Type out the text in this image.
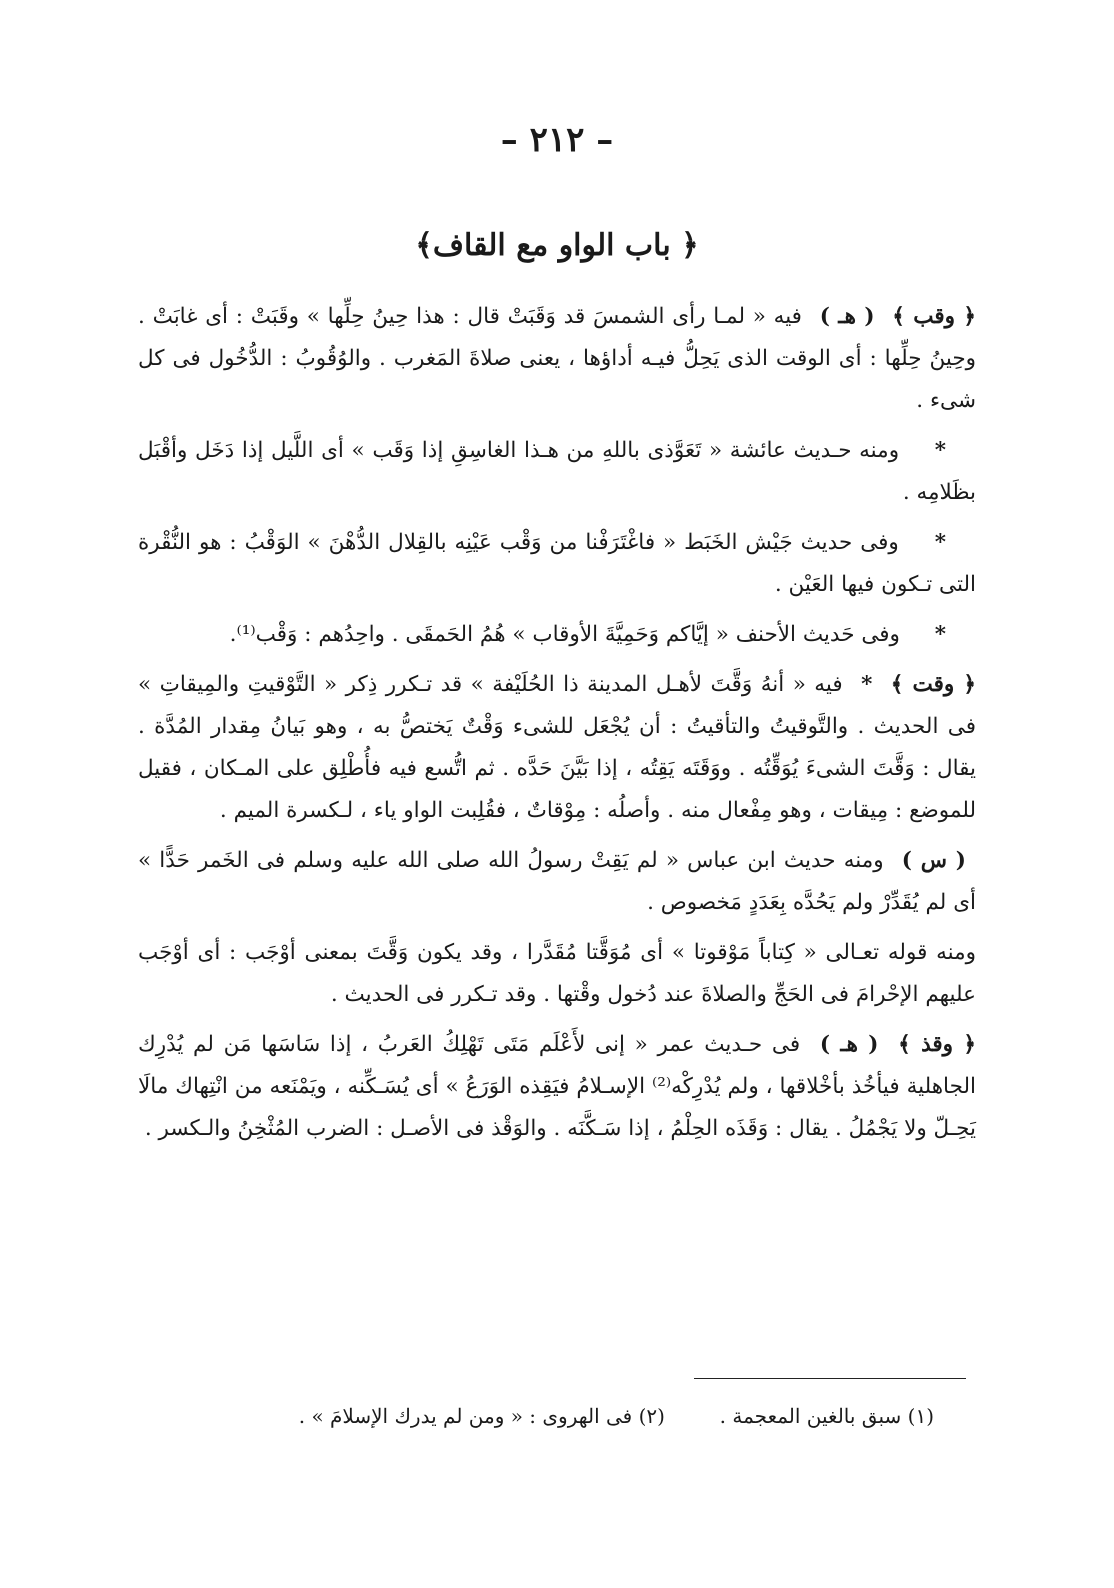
– ٢١٢ –
﴿ باب الواو مع القاف﴾

﴿ وقب ﴾ ( هـ ) فيه « لمـا رأى الشمسَ قد وَقَبَتْ قال : هذا حِينُ حِلِّها » وقَبَتْ : أى غابَتْ . وحِينُ حِلِّها : أى الوقت الذى يَحِلُّ فيـه أداؤها ، يعنى صلاةَ المَغرب . والوُقُوبُ : الدُّخُول فى كل شىء .

* ومنه حـديث عائشة « تَعَوَّذى باللهِ من هـذا الغاسِقِ إذا وَقَب » أى اللَّيل إذا دَخَل وأقْبَل بظَلامِه .

* وفى حديث جَيْش الخَبَط « فاغْتَرَفْنا من وَقْب عَيْنِه بالقِلال الدُّهْنَ » الوَقْبُ : هو النُّقْرة التى تـكون فيها العَيْن .

* وفى حَديث الأحنف « إيَّاكم وَحَمِيَّةَ الأوقاب » هُمُ الحَمقَى . واحِدُهم : وَقْب⁽¹⁾.

﴿ وقت ﴾ * فيه « أنهُ وَقَّتَ لأهـل المدينة ذا الحُلَيْفة » قد تـكرر ذِكر « التَّوْقيتِ والمِيقاتِ » فى الحديث . والتَّوقيتُ والتأقيتُ : أن يُجْعَل للشىء وَقْتٌ يَختصُّ به ، وهو بَيانُ مِقدار المُدَّة . يقال : وَقَّتَ الشىءَ يُوَقِّتُه . ووَقَتَه يَقِتُه ، إذا بَيَّنَ حَدَّه . ثم اتُّسع فيه فأُطْلِق على المـكان ، فقيل للموضع : مِيقات ، وهو مِفْعال منه . وأصلُه : مِوْقاتٌ ، فقُلِبت الواو ياء ، لـكسرة الميم .

( س ) ومنه حديث ابن عباس « لم يَقِتْ رسولُ الله صلى الله عليه وسلم فى الخَمر حَدًّا » أى لم يُقَدِّرْ ولم يَحُدَّه بِعَدَدٍ مَخصوص .

ومنه قوله تعـالى « كِتاباً مَوْقوتا » أى مُوَقَّتا مُقَدَّرا ، وقد يكون وَقَّتَ بمعنى أوْجَب : أى أوْجَب عليهم الإحْرامَ فى الحَجِّ والصلاةَ عند دُخول وقْتها . وقد تـكرر فى الحديث .

﴿ وقذ ﴾ ( هـ ) فى حـديث عمر « إنى لأَعْلَم مَتَى تَهْلِكُ العَربُ ، إذا سَاسَها مَن لم يُدْرِك الجاهلية فيأخُذ بأخْلاقها ، ولم يُدْرِكْه⁽²⁾ الإسـلامُ فيَقِذه الوَرَعُ » أى يُسَـكِّنه ، ويَمْنَعه من انْتِهاك مالَا يَحِـلّ ولا يَجْمُلُ . يقال : وَقَذَه الحِلْمُ ، إذا سَـكَّنَه . والوَقْذ فى الأصـل : الضرب المُثْخِنُ والـكسر .

(١) سبق بالغين المعجمة .  (٢) فى الهروى : « ومن لم يدرك الإسلامَ » .
